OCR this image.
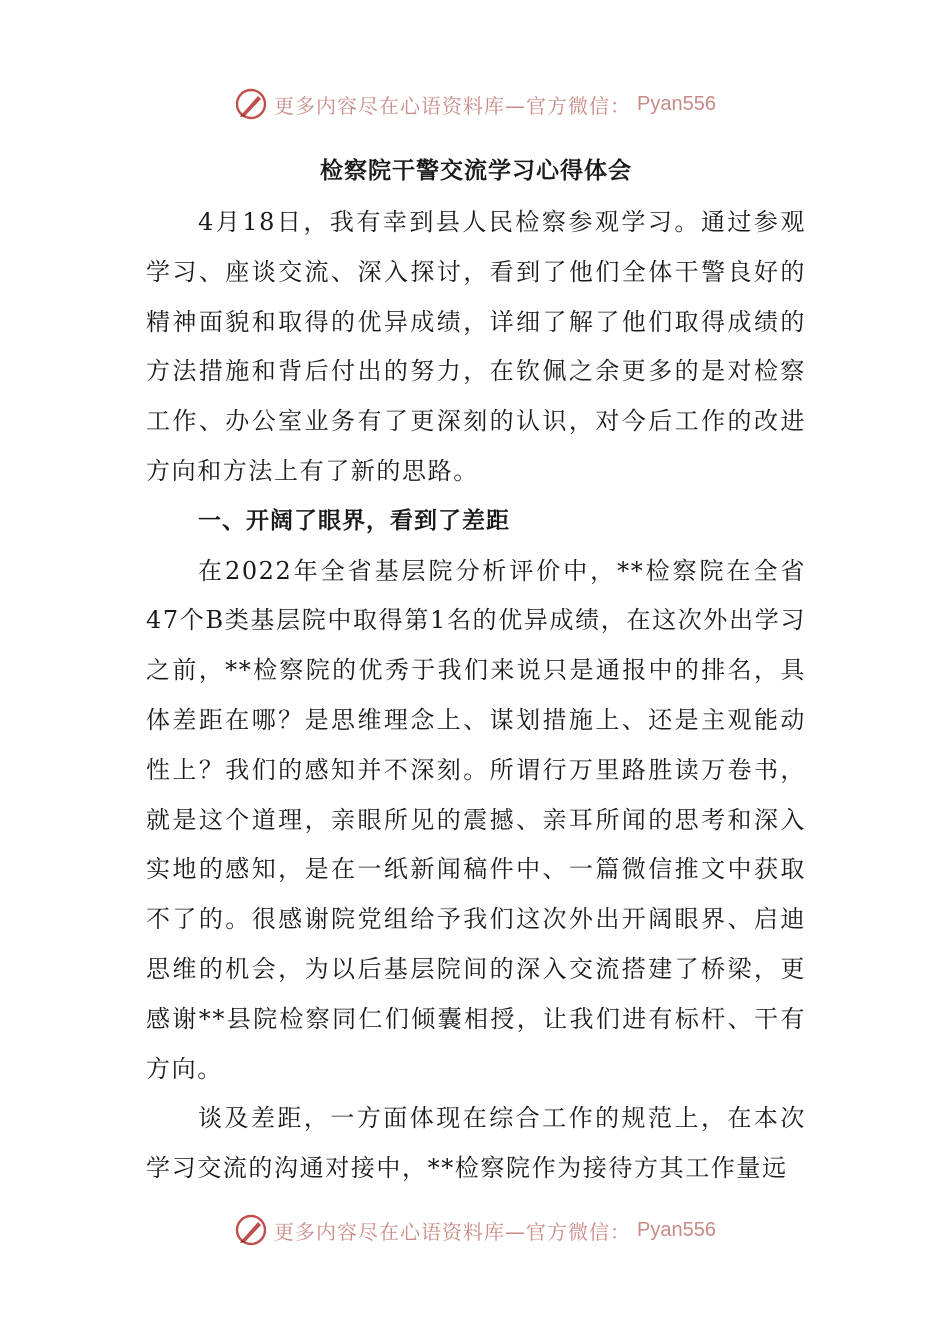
更多内容尽在心语资料库—官方微信： Pyan556
检察院干警交流学习心得体会

4月18日，我有幸到县人民检察参观学习。通过参观学习、座谈交流、深入探讨，看到了他们全体干警良好的精神面貌和取得的优异成绩，详细了解了他们取得成绩的方法措施和背后付出的努力，在钦佩之余更多的是对检察工作、办公室业务有了更深刻的认识，对今后工作的改进方向和方法上有了新的思路。

一、开阔了眼界，看到了差距

在2022年全省基层院分析评价中，**检察院在全省47个B类基层院中取得第1名的优异成绩，在这次外出学习之前，**检察院的优秀于我们来说只是通报中的排名，具体差距在哪？是思维理念上、谋划措施上、还是主观能动性上？我们的感知并不深刻。所谓行万里路胜读万卷书，就是这个道理，亲眼所见的震撼、亲耳所闻的思考和深入实地的感知，是在一纸新闻稿件中、一篇微信推文中获取不了的。很感谢院党组给予我们这次外出开阔眼界、启迪思维的机会，为以后基层院间的深入交流搭建了桥梁，更感谢**县院检察同仁们倾囊相授，让我们进有标杆、干有方向。

谈及差距，一方面体现在综合工作的规范上，在本次学习交流的沟通对接中，**检察院作为接待方其工作量远

更多内容尽在心语资料库—官方微信： Pyan556
